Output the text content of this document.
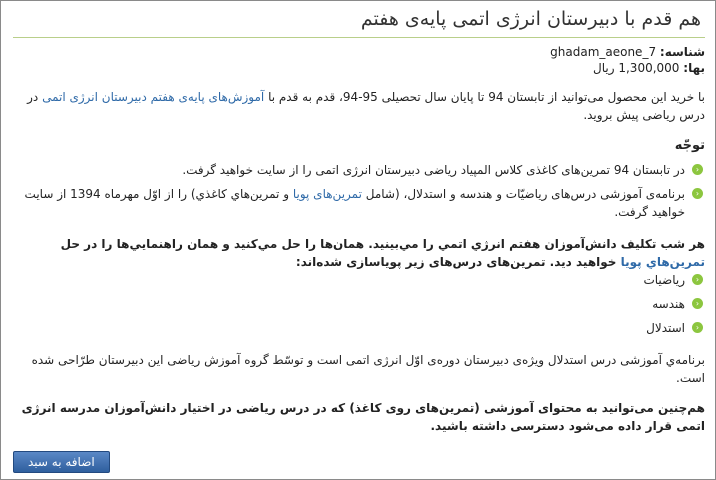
هم قدم با دبیرستان انرژی اتمی پایه‌ی هفتم
شناسه: ghadam_aeone_7
بها: 1,300,000 ریال

با خرید این محصول می‌توانید از تابستان 94 تا پایان سال تحصیلی 95-94، قدم به قدم با آموزش‌های پایه‌ی هفتم دبیرستان انرژی اتمی در درس ریاضی پیش بروید.

توجّه
‹
در تابستان 94 تمرین‌های کاغذی کلاس المپیاد ریاضی دبیرستان انرژی اتمی را از سایت خواهید گرفت.
‹
برنامه‌ی آموزشی درس‌های ریاضیّات و هندسه و استدلال، (شامل تمرین‌های پویا و تمرین‌هاي كاغذي) را از اوّل مهرماه 1394 از سایت خواهید گرفت.

هر شب تكليف دانش‌آموزان هفتم انرژي اتمي را مي‌بينيد. همان‌ها را حل مي‌كنيد و همان راهنمايي‌ها را در حل تمرين‌هاي پويا خواهيد ديد. تمرين‌های درس‌های زیر پویاسازی شده‌اند:

‹
ریاضیات
‹
هندسه
‹
استدلال

برنامه‌ي آموزشی درس استدلال ویژه‌ی دبیرستان دوره‌ی اوّل انرژی اتمی است و توسّط گروه آموزش ریاضی این دبیرستان طرّاحی شده است.

هم‌چنین می‌توانید به محتوای آموزشی (تمرین‌های روی کاغذ) که در درس ریاضی در اختیار دانش‌آموزان مدرسه انرژی اتمی قرار داده می‌شود دسترسی داشته باشید.

اضافه به سبد
